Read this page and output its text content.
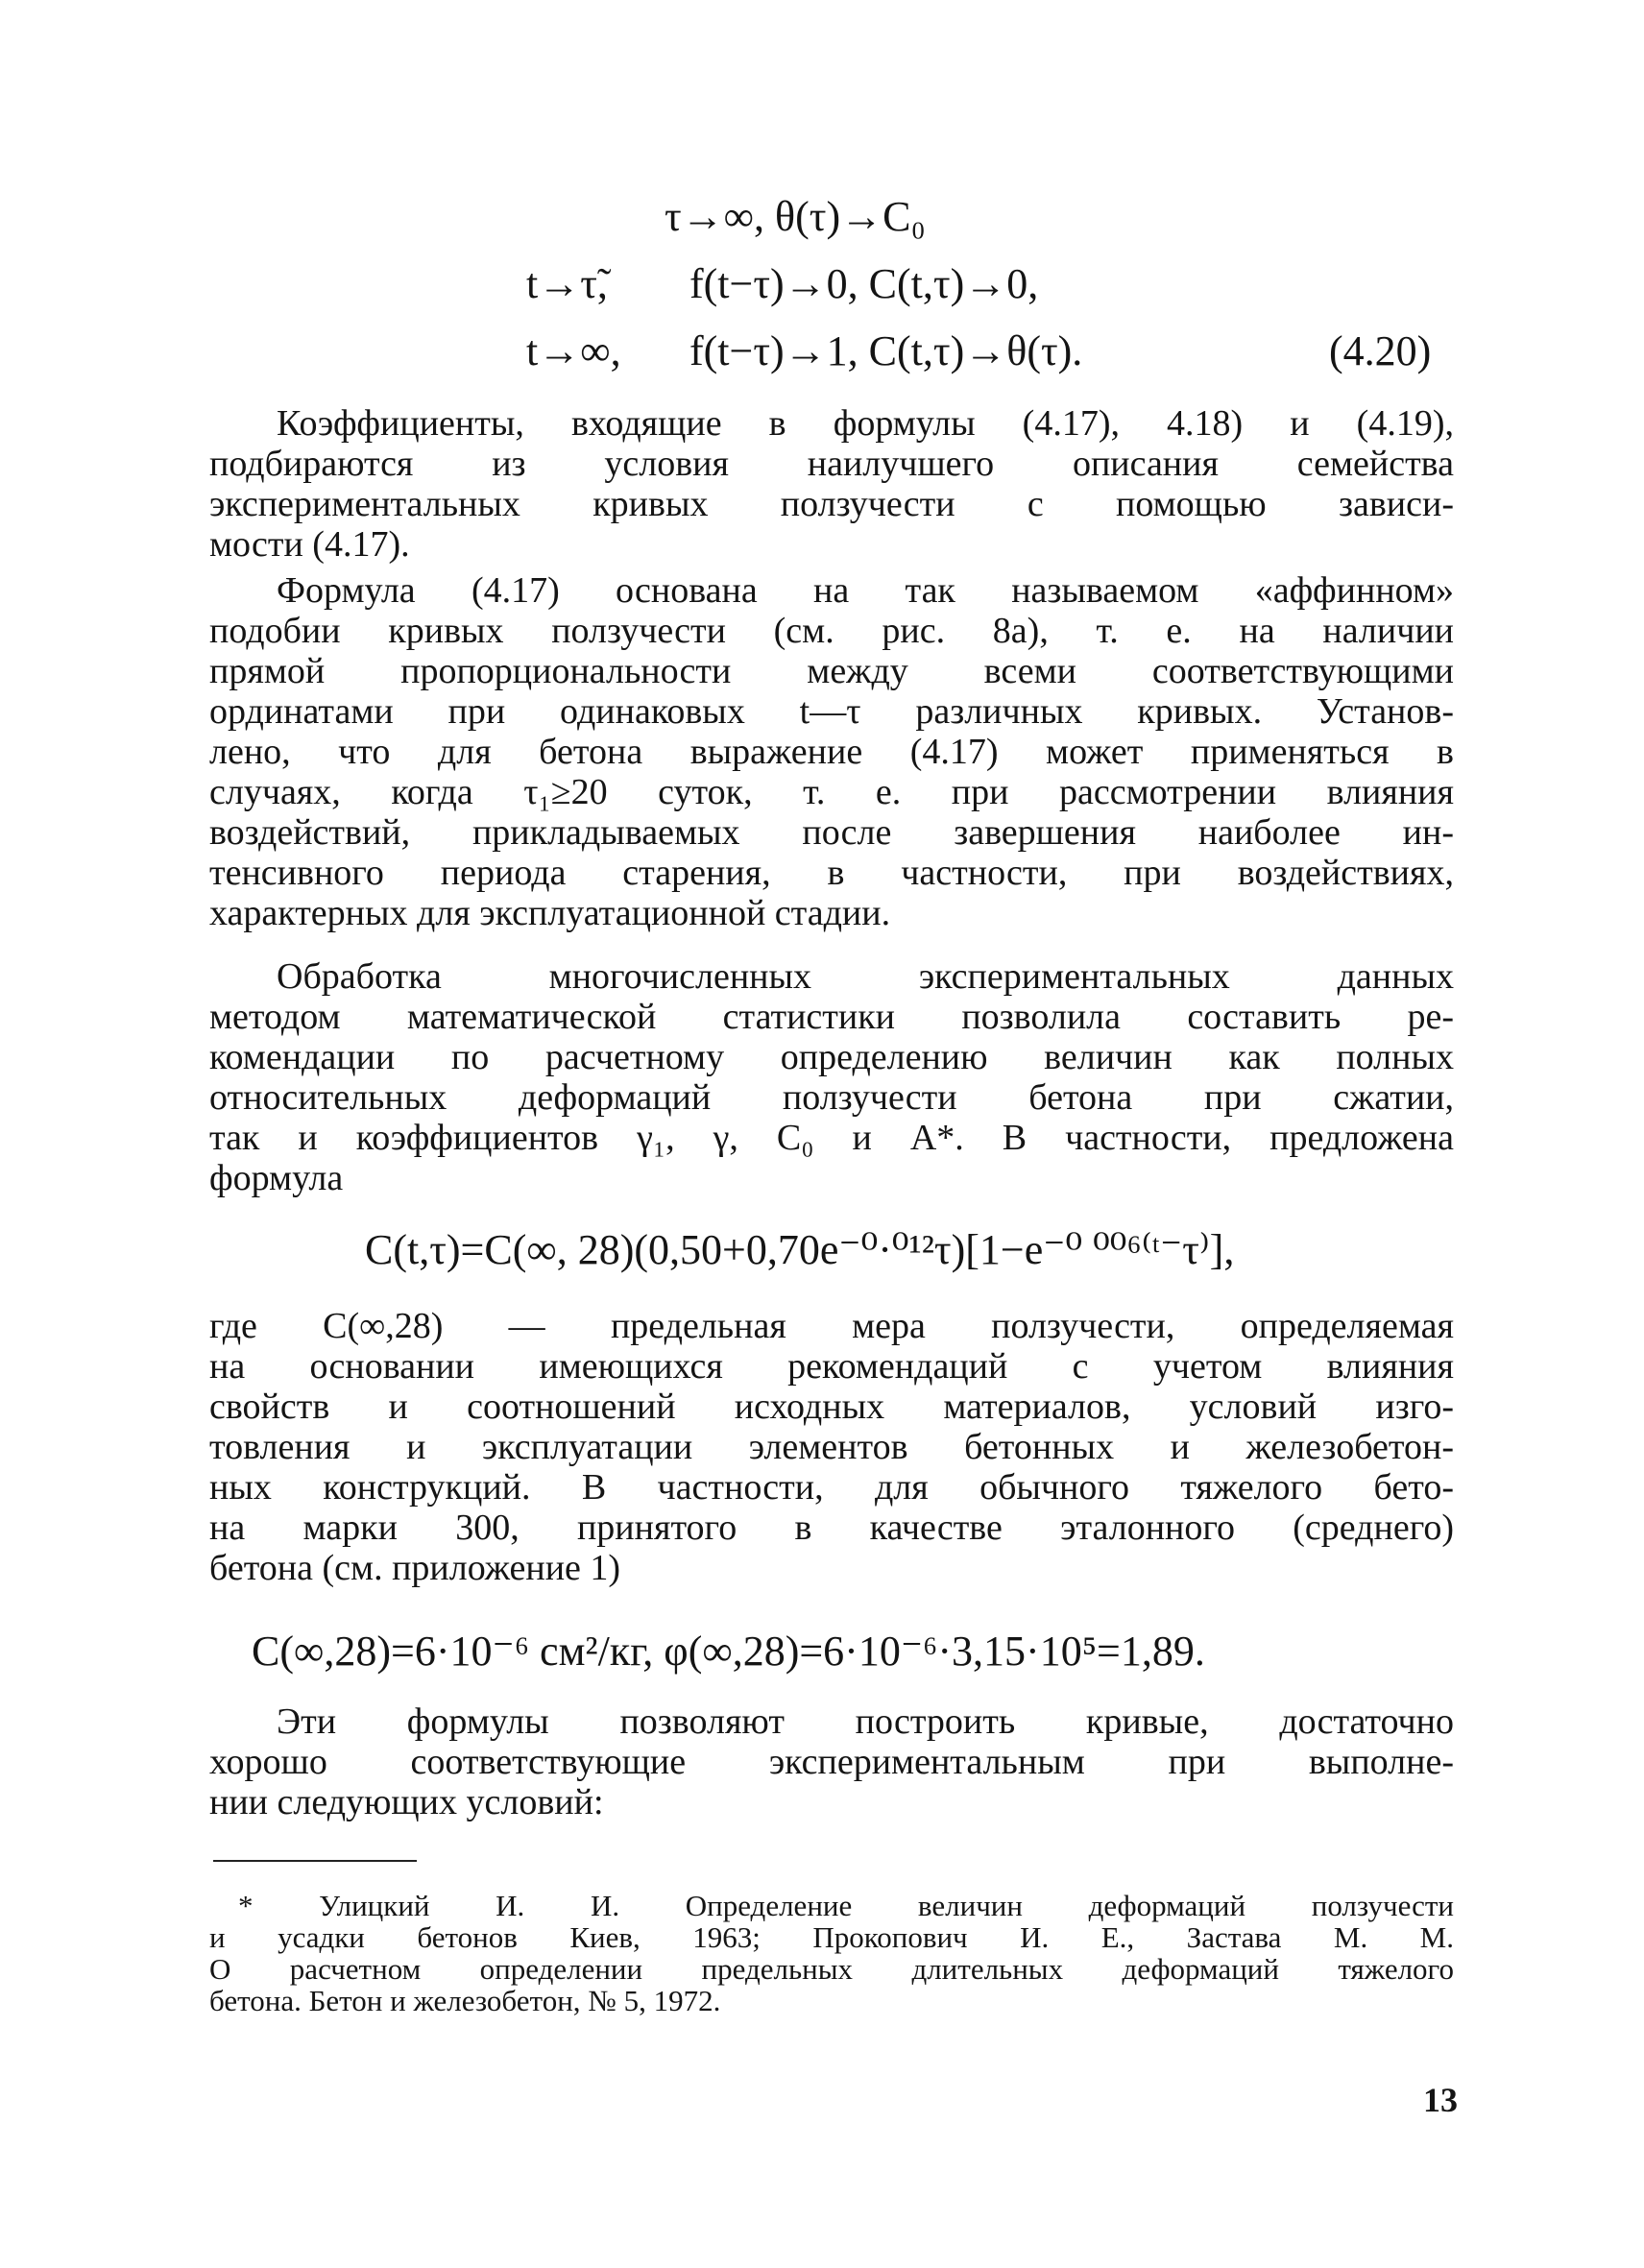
τ→∞, θ(τ)→C₀
t→τ̃, f(t−τ)→0, C(t,τ)→0,
t→∞, f(t−τ)→1, C(t,τ)→θ(τ).	(4.20)
Коэффициенты, входящие в формулы (4.17), 4.18) и (4.19),
подбираются из условия наилучшего описания семейства
экспериментальных кривых ползучести с помощью зависи-
мости (4.17).
Формула (4.17) основана на так называемом «аффинном»
подобии кривых ползучести (см. рис. 8а), т. е. на наличии
прямой пропорциональности между всеми соответствующими
ординатами при одинаковых t—τ различных кривых. Установ-
лено, что для бетона выражение (4.17) может применяться в
случаях, когда τ₁≥20 суток, т. е. при рассмотрении влияния
воздействий, прикладываемых после завершения наиболее ин-
тенсивного периода старения, в частности, при воздействиях,
характерных для эксплуатационной стадии.
Обработка многочисленных экспериментальных данных
методом математической статистики позволила составить ре-
комендации по расчетному определению величин как полных
относительных деформаций ползучести бетона при сжатии,
так и коэффициентов γ₁, γ, C₀ и A*. В частности, предложена
формула
C(t,τ)=C(∞, 28)(0,50+0,70e⁻⁰·⁰¹²τ)[1−e⁻⁰ ⁰⁰⁶⁽ᵗ⁻τ⁾],
где C(∞,28) — предельная мера ползучести, определяемая
на основании имеющихся рекомендаций с учетом влияния
свойств и соотношений исходных материалов, условий изго-
товления и эксплуатации элементов бетонных и железобетон-
ных конструкций. В частности, для обычного тяжелого бето-
на марки 300, принятого в качестве эталонного (среднего)
бетона (см. приложение 1)
C(∞,28)=6·10⁻⁶ см²/кг, φ(∞,28)=6·10⁻⁶·3,15·10⁵=1,89.
Эти формулы позволяют построить кривые, достаточно
хорошо соответствующие экспериментальным при выполне-
нии следующих условий:
* Улицкий И. И. Определение величин деформаций ползучести
и усадки бетонов Киев, 1963; Прокопович И. Е., Застава М. М.
О расчетном определении предельных длительных деформаций тяжелого
бетона. Бетон и железобетон, № 5, 1972.
13
